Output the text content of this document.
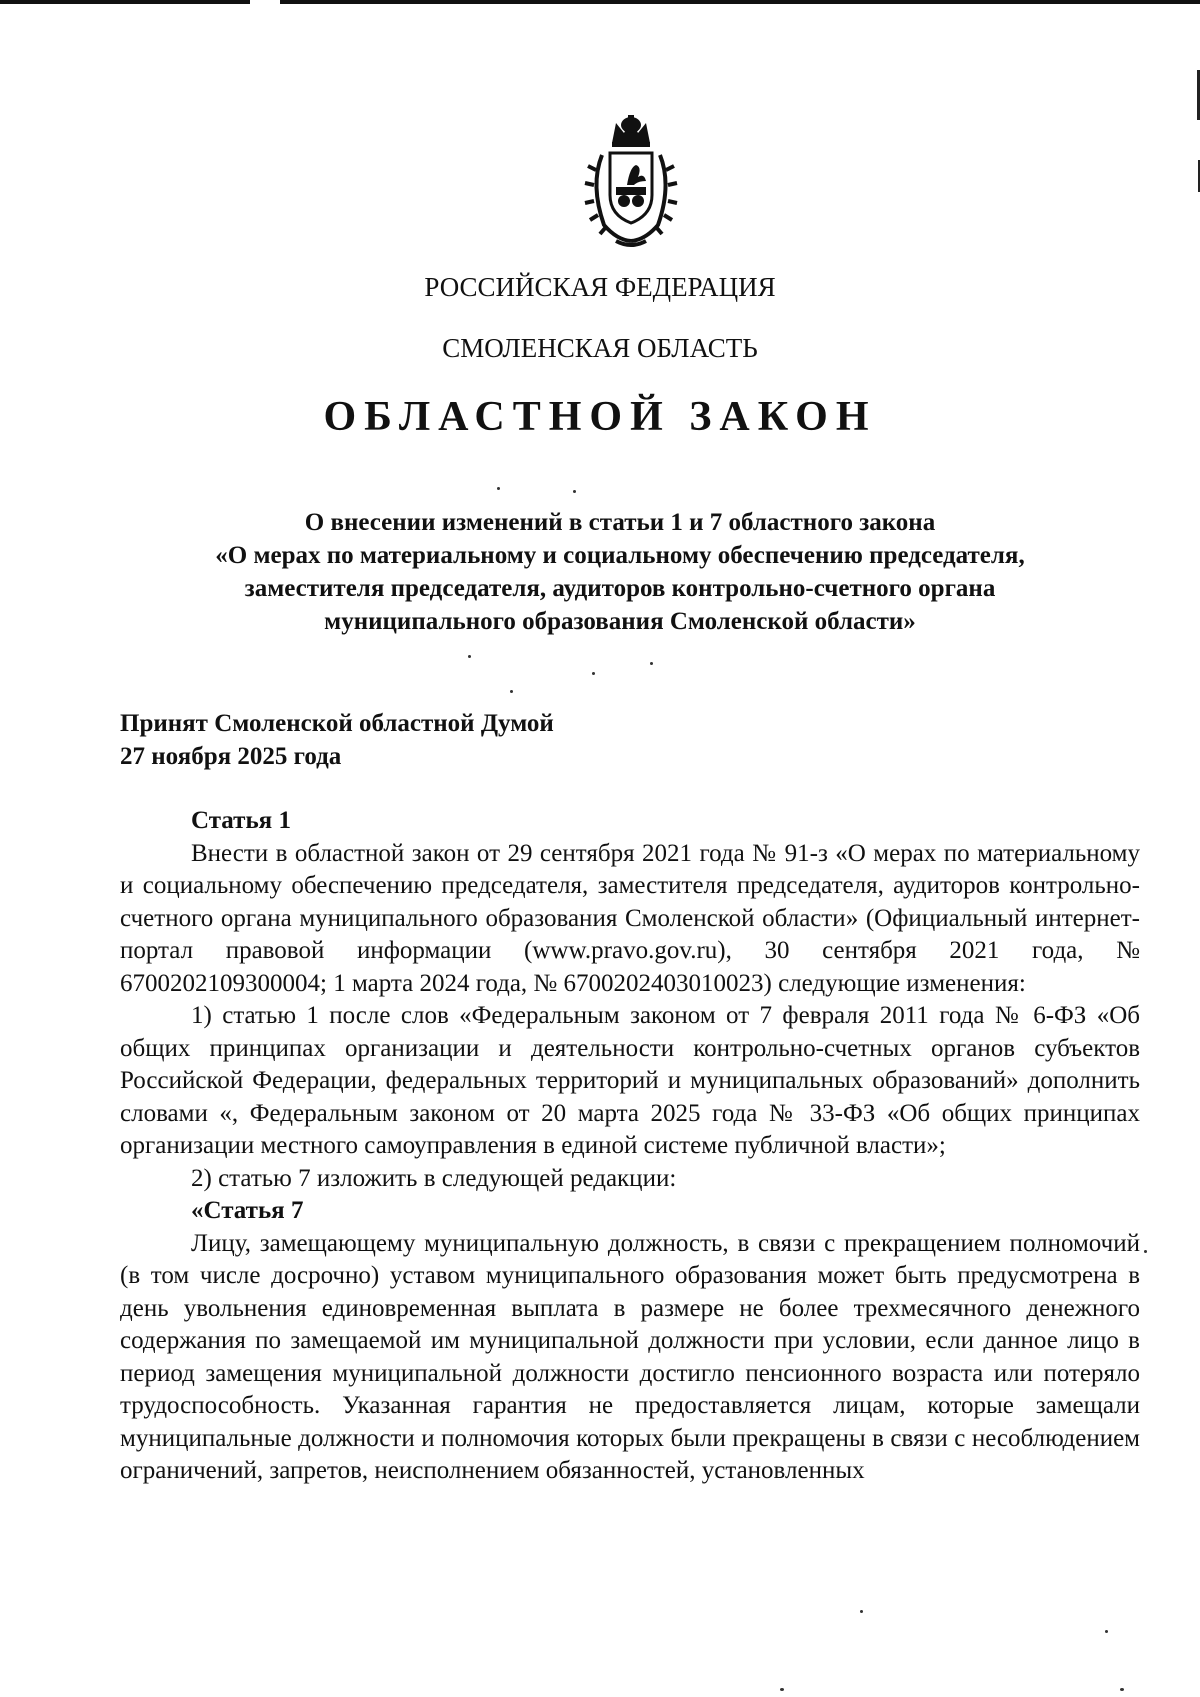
РОССИЙСКАЯ ФЕДЕРАЦИЯ
СМОЛЕНСКАЯ ОБЛАСТЬ
ОБЛАСТНОЙ ЗАКОН
О внесении изменений в статьи 1 и 7 областного закона
«О мерах по материальному и социальному обеспечению председателя,
заместителя председателя, аудиторов контрольно-счетного органа
муниципального образования Смоленской области»
Принят Смоленской областной Думой
27 ноября 2025 года

Статья 1

Внести в областной закон от 29 сентября 2021 года № 91-з «О мерах по материальному и социальному обеспечению председателя, заместителя председателя, аудиторов контрольно-счетного органа муниципального образования Смоленской области» (Официальный интернет-портал правовой информации (www.pravo.gov.ru), 30 сентября 2021 года, № 6700202109300004; 1 марта 2024 года, № 6700202403010023) следующие изменения:

1) статью 1 после слов «Федеральным законом от 7 февраля 2011 года № 6-ФЗ «Об общих принципах организации и деятельности контрольно-счетных органов субъектов Российской Федерации, федеральных территорий и муниципальных образований» дополнить словами «, Федеральным законом от 20 марта 2025 года № 33-ФЗ «Об общих принципах организации местного самоуправления в единой системе публичной власти»;

2) статью 7 изложить в следующей редакции:

«Статья 7

Лицу, замещающему муниципальную должность, в связи с прекращением полномочий (в том числе досрочно) уставом муниципального образования может быть предусмотрена в день увольнения единовременная выплата в размере не более трехмесячного денежного содержания по замещаемой им муниципальной должности при условии, если данное лицо в период замещения муниципальной должности достигло пенсионного возраста или потеряло трудоспособность. Указанная гарантия не предоставляется лицам, которые замещали муниципальные должности и полномочия которых были прекращены в связи с несоблюдением ограничений, запретов, неисполнением обязанностей, установленных
